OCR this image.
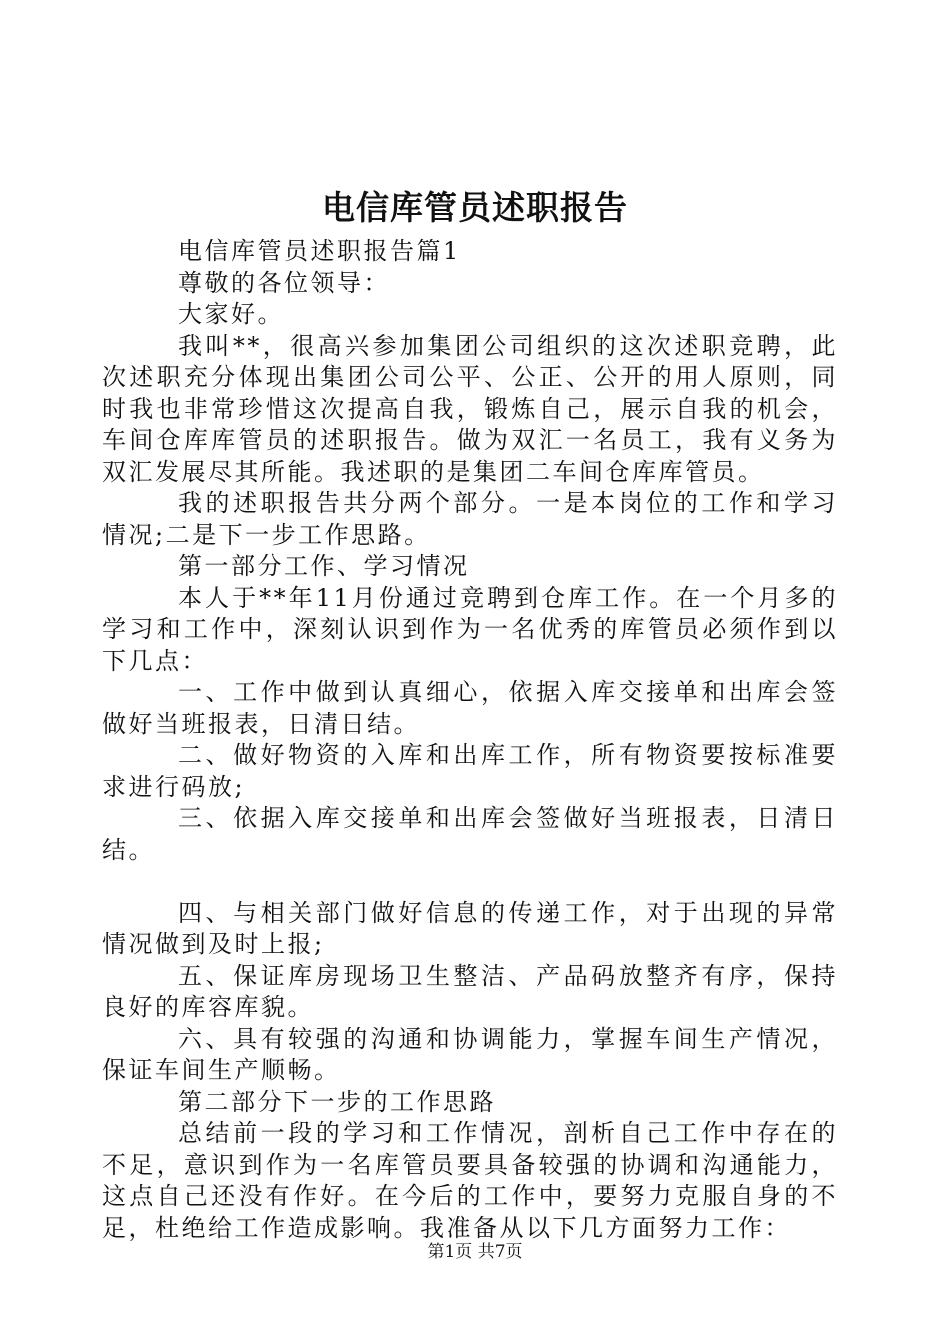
电信库管员述职报告

电信库管员述职报告篇1

尊敬的各位领导：

大家好。

我叫**，很高兴参加集团公司组织的这次述职竞聘，此次述职充分体现出集团公司公平、公正、公开的用人原则，同时我也非常珍惜这次提高自我，锻炼自己，展示自我的机会，车间仓库库管员的述职报告。做为双汇一名员工，我有义务为双汇发展尽其所能。我述职的是集团二车间仓库库管员。

我的述职报告共分两个部分。一是本岗位的工作和学习情况;二是下一步工作思路。

第一部分工作、学习情况

本人于**年11月份通过竞聘到仓库工作。在一个月多的学习和工作中，深刻认识到作为一名优秀的库管员必须作到以下几点：

一、工作中做到认真细心，依据入库交接单和出库会签做好当班报表，日清日结。

二、做好物资的入库和出库工作，所有物资要按标准要求进行码放;

三、依据入库交接单和出库会签做好当班报表，日清日结。

四、与相关部门做好信息的传递工作，对于出现的异常情况做到及时上报;

五、保证库房现场卫生整洁、产品码放整齐有序，保持良好的库容库貌。

六、具有较强的沟通和协调能力，掌握车间生产情况，保证车间生产顺畅。

第二部分下一步的工作思路

总结前一段的学习和工作情况，剖析自己工作中存在的不足，意识到作为一名库管员要具备较强的协调和沟通能力，这点自己还没有作好。在今后的工作中，要努力克服自身的不足，杜绝给工作造成影响。我准备从以下几方面努力工作：

第1页 共7页
